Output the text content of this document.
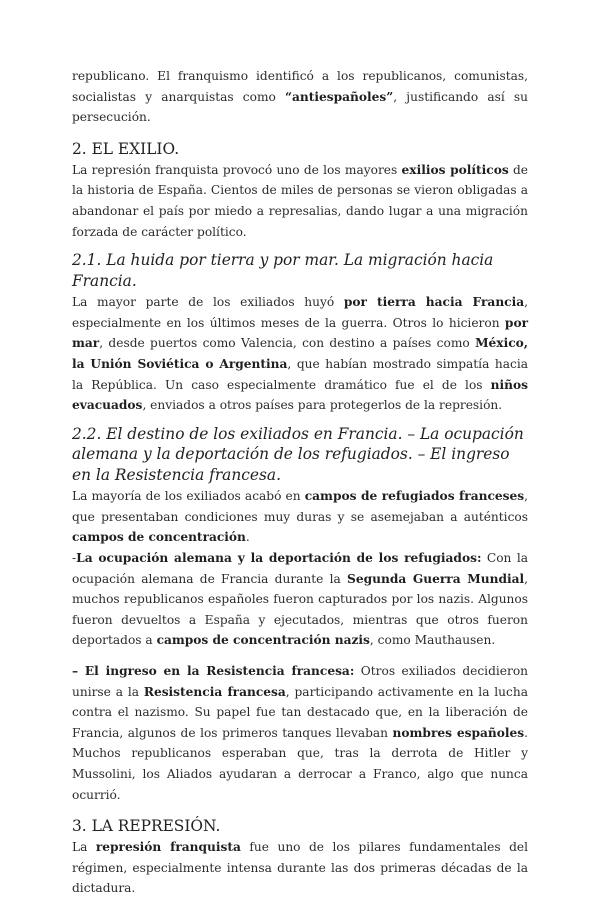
republicano. El franquismo identificó a los republicanos, comunistas, socialistas y anarquistas como “antiespañoles”, justificando así su persecución.

2. EL EXILIO.

La represión franquista provocó uno de los mayores exilios políticos de la historia de España. Cientos de miles de personas se vieron obligadas a abandonar el país por miedo a represalias, dando lugar a una migración forzada de carácter político.

2.1. La huida por tierra y por mar. La migración hacia Francia.

La mayor parte de los exiliados huyó por tierra hacia Francia, especialmente en los últimos meses de la guerra. Otros lo hicieron por mar, desde puertos como Valencia, con destino a países como México, la Unión Soviética o Argentina, que habían mostrado simpatía hacia la República. Un caso especialmente dramático fue el de los niños evacuados, enviados a otros países para protegerlos de la represión.

2.2. El destino de los exiliados en Francia. – La ocupación alemana y la deportación de los refugiados. – El ingreso en la Resistencia francesa.

La mayoría de los exiliados acabó en campos de refugiados franceses, que presentaban condiciones muy duras y se asemejaban a auténticos campos de concentración.

-La ocupación alemana y la deportación de los refugiados: Con la ocupación alemana de Francia durante la Segunda Guerra Mundial, muchos republicanos españoles fueron capturados por los nazis. Algunos fueron devueltos a España y ejecutados, mientras que otros fueron deportados a campos de concentración nazis, como Mauthausen.

– El ingreso en la Resistencia francesa: Otros exiliados decidieron unirse a la Resistencia francesa, participando activamente en la lucha contra el nazismo. Su papel fue tan destacado que, en la liberación de Francia, algunos de los primeros tanques llevaban nombres españoles. Muchos republicanos esperaban que, tras la derrota de Hitler y Mussolini, los Aliados ayudaran a derrocar a Franco, algo que nunca ocurrió.

3. LA REPRESIÓN.

La represión franquista fue uno de los pilares fundamentales del régimen, especialmente intensa durante las dos primeras décadas de la dictadura.
